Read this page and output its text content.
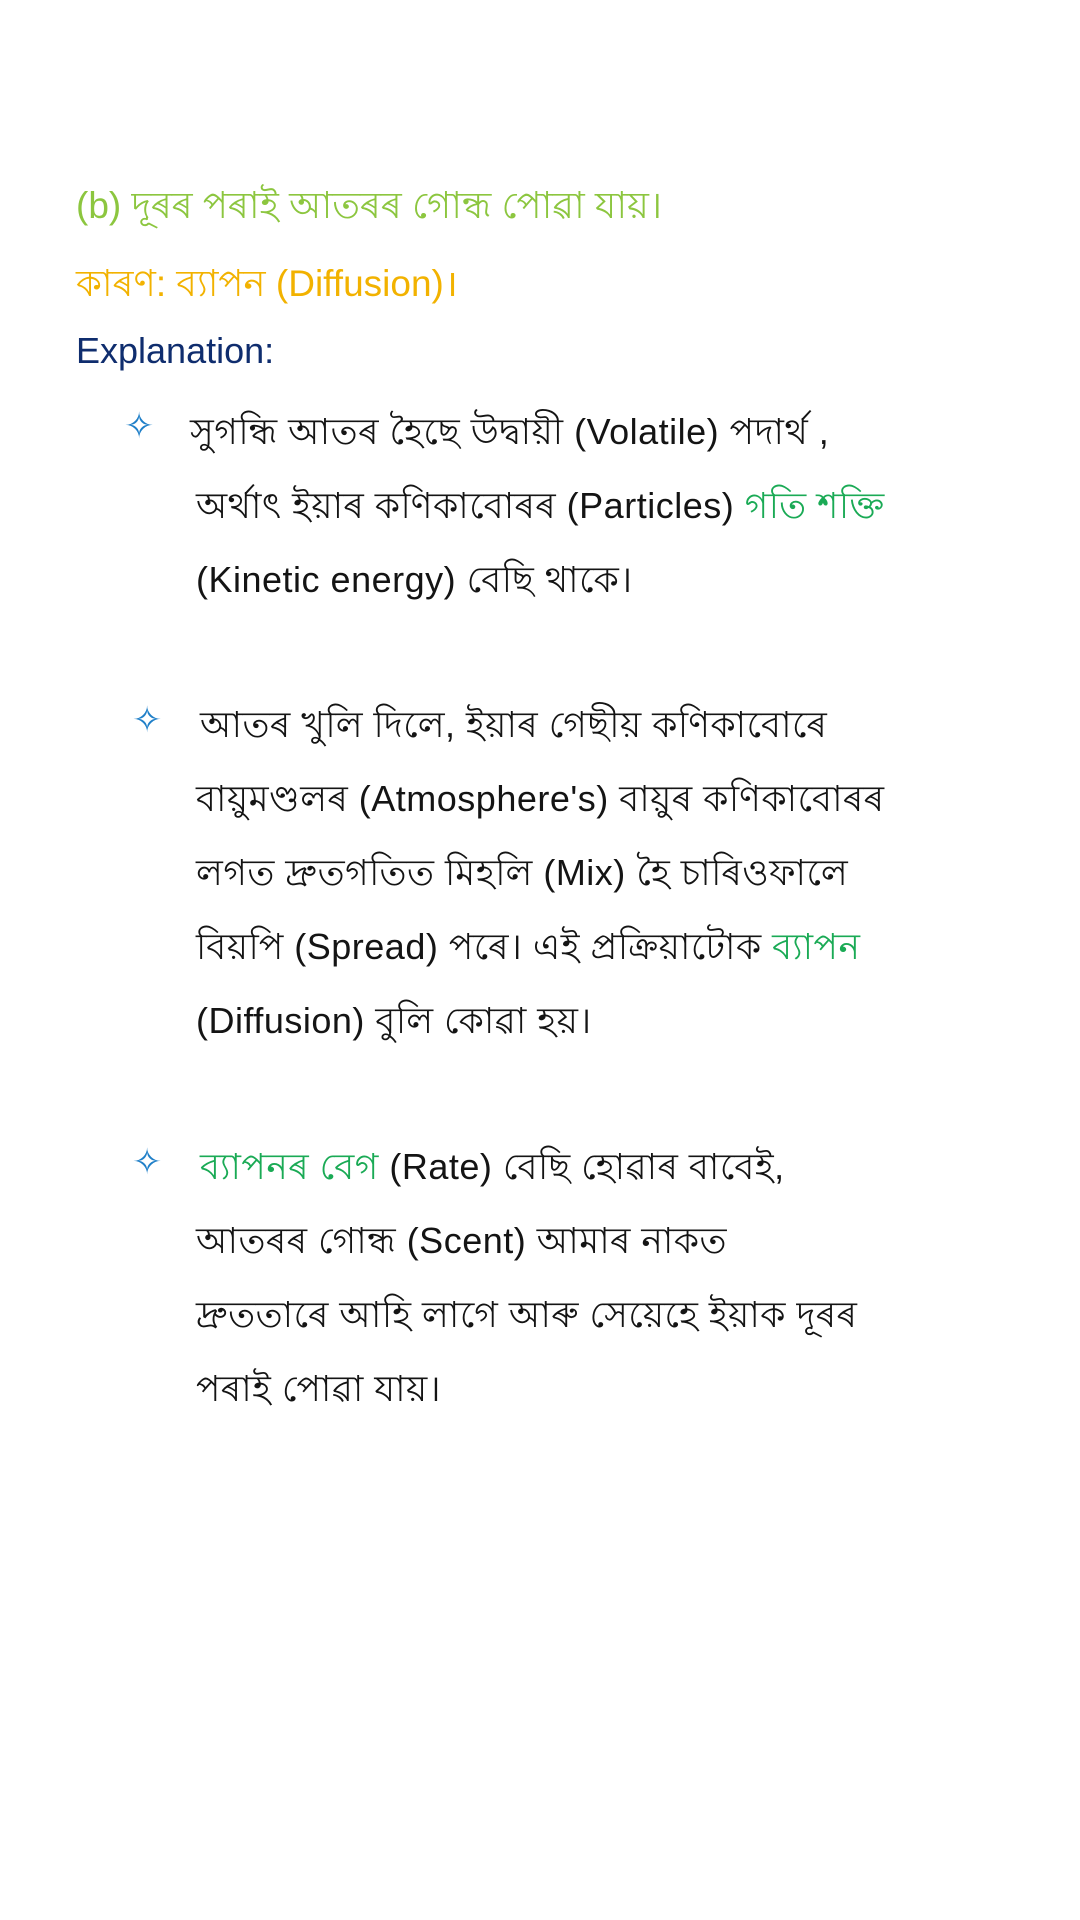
(b) দূৰৰ পৰাই আতৰৰ গোন্ধ পোৱা যায়।
কাৰণ: ব্যাপন (Diffusion)।
Explanation:
✧ সুগন্ধি আতৰ হৈছে উদ্বায়ী (Volatile) পদাৰ্থ ,
অৰ্থাৎ ইয়াৰ কণিকাবোৰৰ (Particles) গতি শক্তি
(Kinetic energy) বেছি থাকে।
✧ আতৰ খুলি দিলে, ইয়াৰ গেছীয় কণিকাবোৰে
বায়ুমণ্ডলৰ (Atmosphere's) বায়ুৰ কণিকাবোৰৰ
লগত দ্ৰুতগতিত মিহলি (Mix) হৈ চাৰিওফালে
বিয়পি (Spread) পৰে। এই প্ৰক্ৰিয়াটোক ব্যাপন
(Diffusion) বুলি কোৱা হয়।
✧ ব্যাপনৰ বেগ (Rate) বেছি হোৱাৰ বাবেই,
আতৰৰ গোন্ধ (Scent) আমাৰ নাকত
দ্ৰুততাৰে আহি লাগে আৰু সেয়েহে ইয়াক দূৰৰ
পৰাই পোৱা যায়।
